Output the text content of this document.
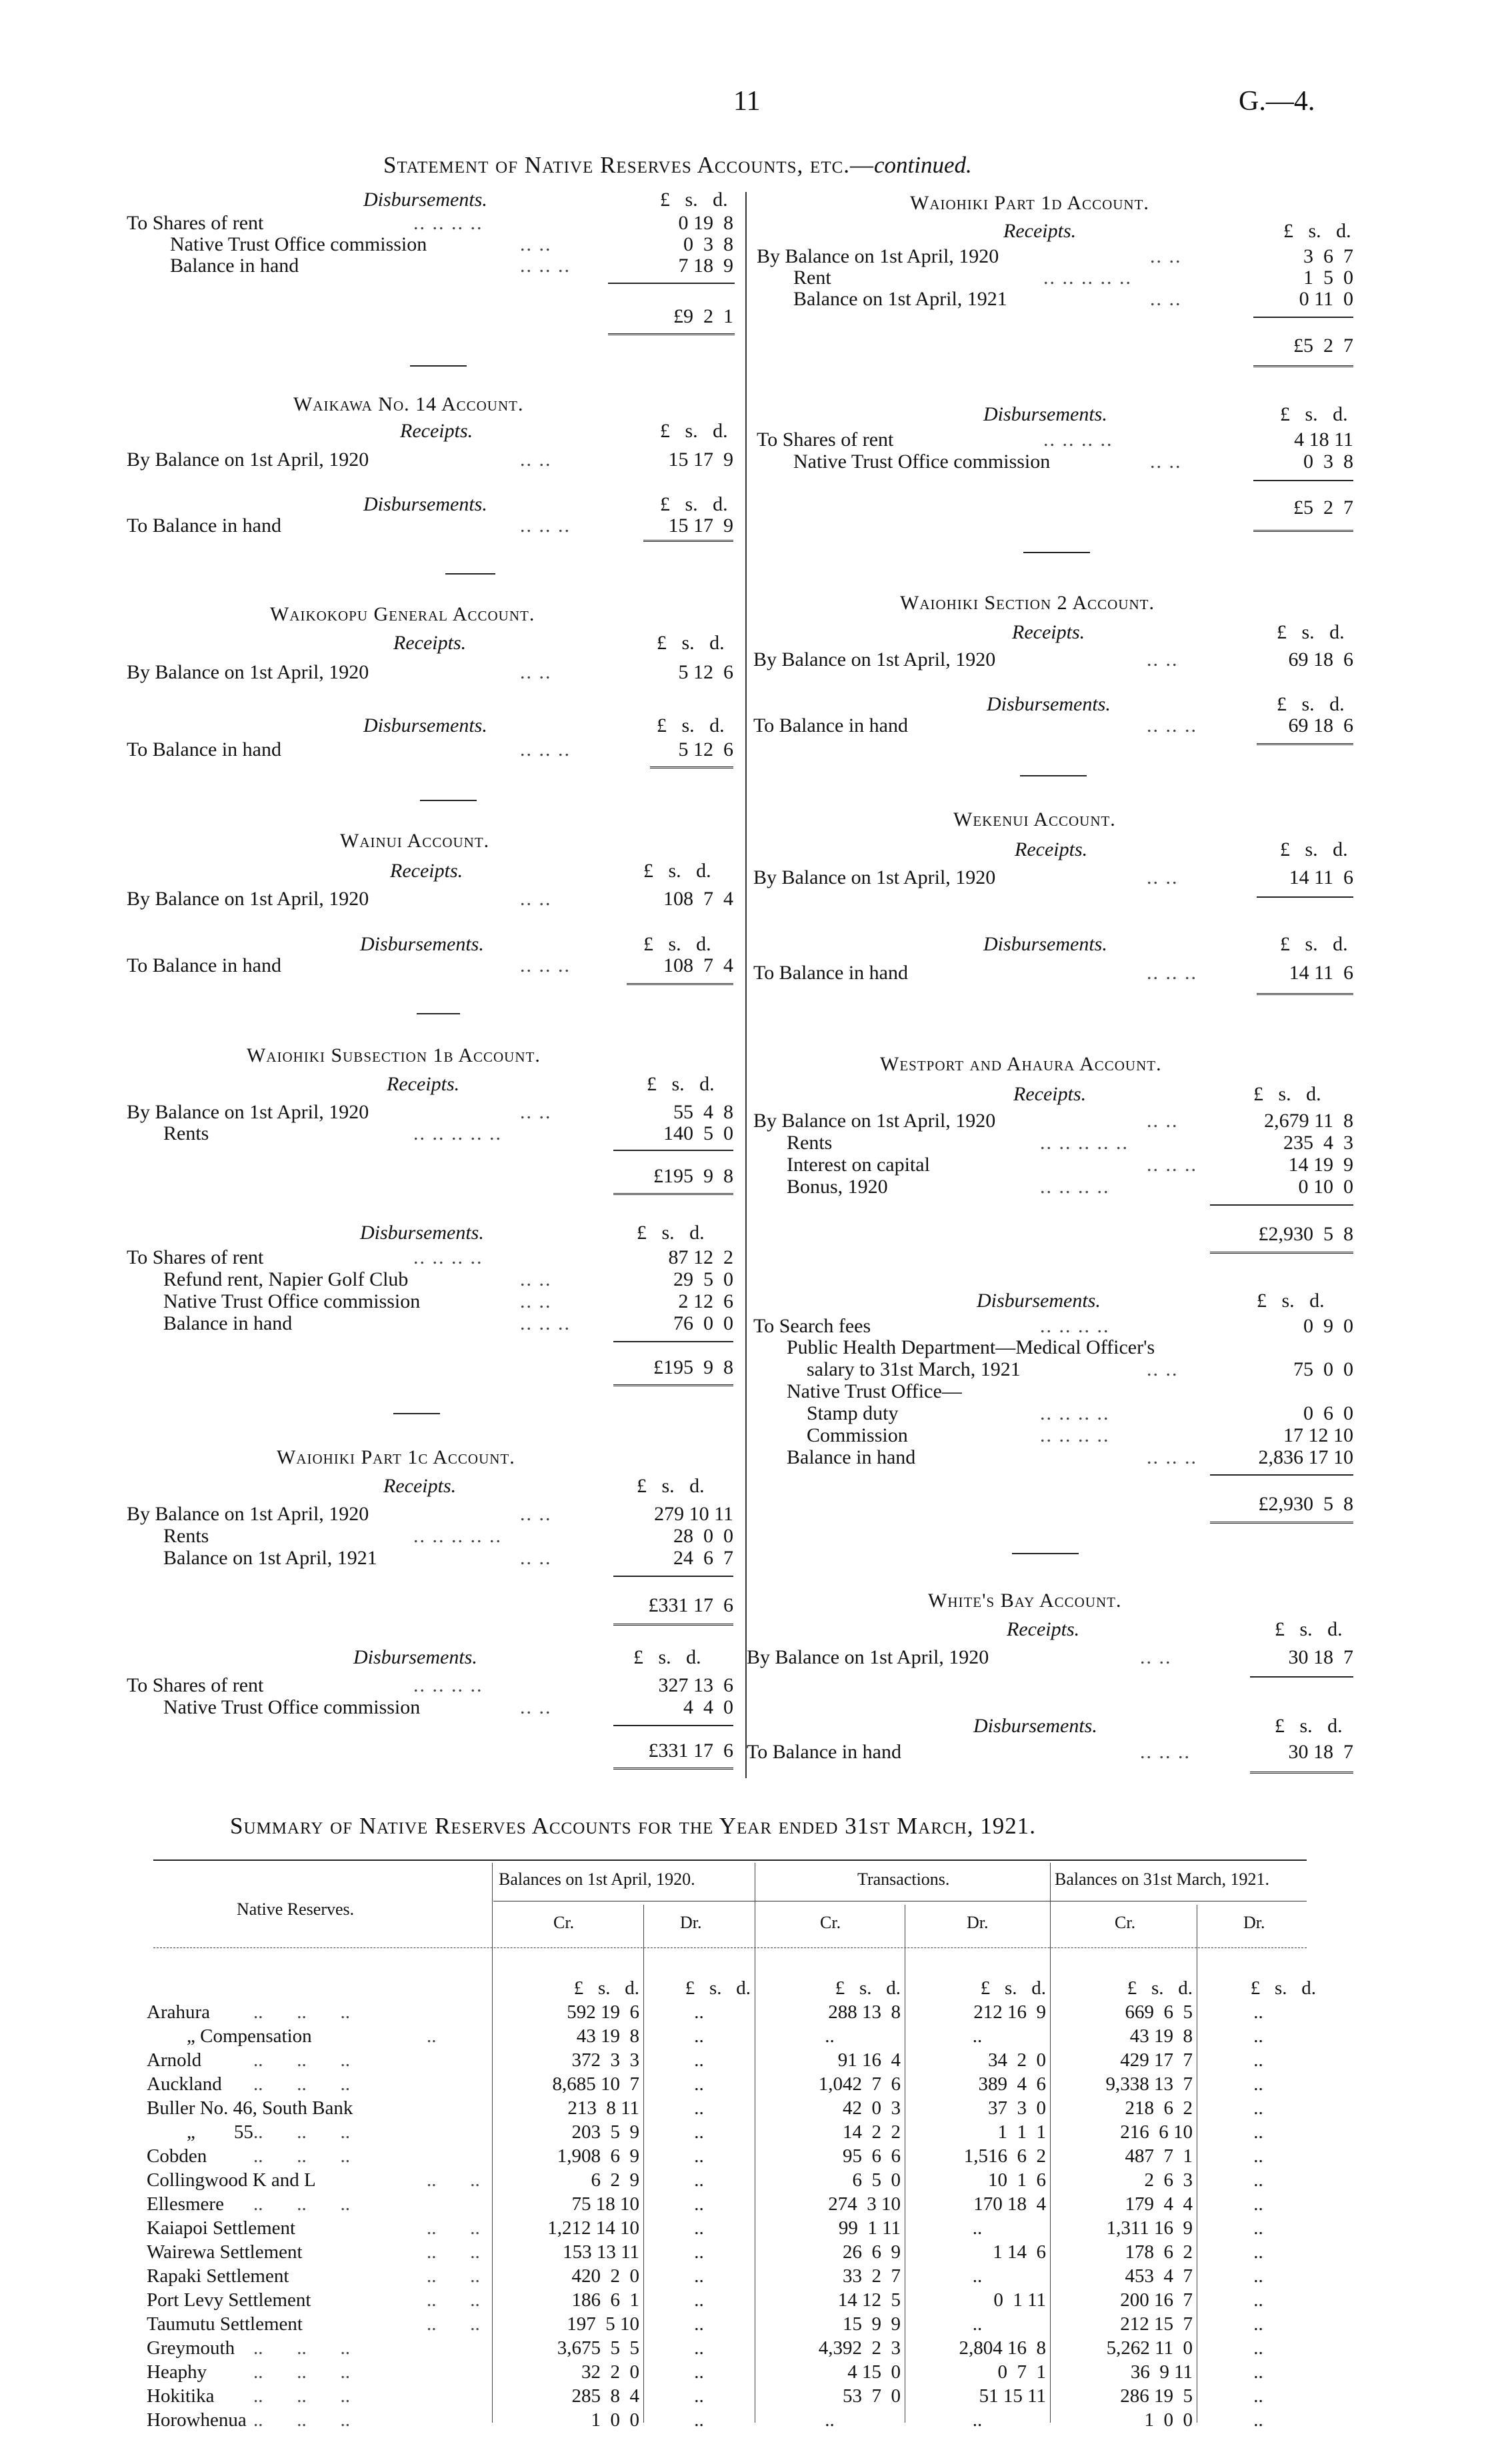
11	G.—4.
Statement of Native Reserves Accounts, etc.—continued.
Disbursements.	£   s.   d.
To Shares of rent	.. .. .. ..	0 19  8
Native Trust Office commission	.. ..	0  3  8
Balance in hand	.. .. ..	7 18  9
£9  2  1
Waikawa No. 14 Account.
Receipts.	£   s.   d.
By Balance on 1st April, 1920	.. ..	15 17  9
Disbursements.	£   s.   d.
To Balance in hand	.. .. ..	15 17  9
Waikokopu General Account.
Receipts.	£   s.   d.
By Balance on 1st April, 1920	.. ..	5 12  6
Disbursements.	£   s.   d.
To Balance in hand	.. .. ..	5 12  6
Wainui Account.
Receipts.	£   s.   d.
By Balance on 1st April, 1920	.. ..	108  7  4
Disbursements.	£   s.   d.
To Balance in hand	.. .. ..	108  7  4
Waiohiki Subsection 1b Account.
Receipts.	£   s.   d.
By Balance on 1st April, 1920	.. ..	55  4  8
Rents	.. .. .. .. ..	140  5  0
£195  9  8
Disbursements.	£   s.   d.
To Shares of rent	.. .. .. ..	87 12  2
Refund rent, Napier Golf Club	.. ..	29  5  0
Native Trust Office commission	.. ..	2 12  6
Balance in hand	.. .. ..	76  0  0
£195  9  8
Waiohiki Part 1c Account.
Receipts.	£   s.   d.
By Balance on 1st April, 1920	.. ..	279 10 11
Rents	.. .. .. .. ..	28  0  0
Balance on 1st April, 1921	.. ..	24  6  7
£331 17  6
Disbursements.	£   s.   d.
To Shares of rent	.. .. .. ..	327 13  6
Native Trust Office commission	.. ..	4  4  0
£331 17  6
Waiohiki Part 1d Account.
Receipts.	£   s.   d.
By Balance on 1st April, 1920	.. ..	3  6  7
Rent	.. .. .. .. ..	1  5  0
Balance on 1st April, 1921	.. ..	0 11  0
£5  2  7
Disbursements.	£   s.   d.
To Shares of rent	.. .. .. ..	4 18 11
Native Trust Office commission	.. ..	0  3  8
£5  2  7
Waiohiki Section 2 Account.
Receipts.	£   s.   d.
By Balance on 1st April, 1920	.. ..	69 18  6
Disbursements.	£   s.   d.
To Balance in hand	.. .. ..	69 18  6
Wekenui Account.
Receipts.	£   s.   d.
By Balance on 1st April, 1920	.. ..	14 11  6
Disbursements.	£   s.   d.
To Balance in hand	.. .. ..	14 11  6
Westport and Ahaura Account.
Receipts.	£   s.   d.
By Balance on 1st April, 1920	.. ..	2,679 11  8
Rents	.. .. .. .. ..	235  4  3
Interest on capital	.. .. ..	14 19  9
Bonus, 1920	.. .. .. ..	0 10  0
£2,930  5  8
Disbursements.	£   s.   d.
To Search fees	.. .. .. ..	0  9  0
Public Health Department—Medical Officer's
salary to 31st March, 1921	.. ..	75  0  0
Native Trust Office—
Stamp duty	.. .. .. ..	0  6  0
Commission	.. .. .. ..	17 12 10
Balance in hand	.. .. ..	2,836 17 10
£2,930  5  8
White's Bay Account.
Receipts.	£   s.   d.
By Balance on 1st April, 1920	.. ..	30 18  7
Disbursements.	£   s.   d.
To Balance in hand	.. .. ..	30 18  7
Summary of Native Reserves Accounts for the Year ended 31st March, 1921.
Native Reserves.
Balances on 1st April, 1920.	Transactions.	Balances on 31st March, 1921.
Cr.	Dr.	Cr.	Dr.	Cr.	Dr.
	£   s.   d.	£   s.   d.	£   s.   d.	£   s.   d.	£   s.   d.	£   s.   d.
Arahura ..       ..       ..	592 19  6	..	288 13  8	212 16  9	669  6  5	..
„ Compensation ..	43 19  8	..	..	..	43 19  8	..
Arnold ..       ..       ..	372  3  3	..	91 16  4	34  2  0	429 17  7	..
Auckland ..       ..       ..	8,685 10  7	..	1,042  7  6	389  4  6	9,338 13  7	..
Buller No. 46, South Bank	213  8 11	..	42  0  3	37  3  0	218  6  2	..
„        55 ..       ..       ..	203  5  9	..	14  2  2	1  1  1	216  6 10	..
Cobden ..       ..       ..	1,908  6  9	..	95  6  6	1,516  6  2	487  7  1	..
Collingwood K and L ..       ..	6  2  9	..	6  5  0	10  1  6	2  6  3	..
Ellesmere ..       ..       ..	75 18 10	..	274  3 10	170 18  4	179  4  4	..
Kaiapoi Settlement ..       ..	1,212 14 10	..	99  1 11	..	1,311 16  9	..
Wairewa Settlement ..       ..	153 13 11	..	26  6  9	1 14  6	178  6  2	..
Rapaki Settlement ..       ..	420  2  0	..	33  2  7	..	453  4  7	..
Port Levy Settlement ..       ..	186  6  1	..	14 12  5	0  1 11	200 16  7	..
Taumutu Settlement ..       ..	197  5 10	..	15  9  9	..	212 15  7	..
Greymouth ..       ..       ..	3,675  5  5	..	4,392  2  3	2,804 16  8	5,262 11  0	..
Heaphy ..       ..       ..	32  2  0	..	4 15  0	0  7  1	36  9 11	..
Hokitika ..       ..       ..	285  8  4	..	53  7  0	51 15 11	286 19  5	..
Horowhenua ..       ..       ..	1  0  0	..	..	..	1  0  0	..
